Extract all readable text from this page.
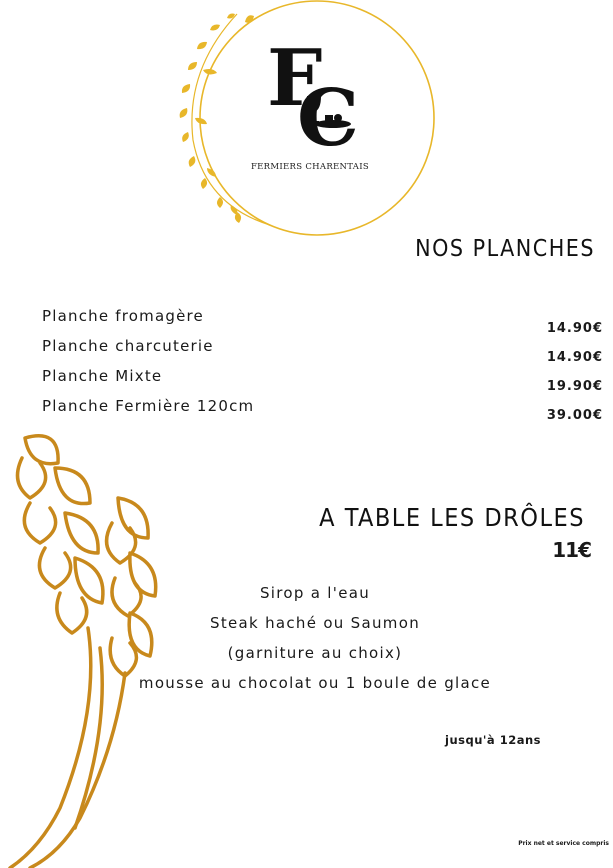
F
C
FERMIERS CHARENTAIS
NOS PLANCHES
Planche fromagère
Planche charcuterie
Planche Mixte
Planche Fermière 120cm
14.90€
14.90€
19.90€
39.00€
A TABLE LES DRÔLES
11€
Sirop a l'eau
Steak haché ou Saumon
(garniture au choix)
mousse au chocolat ou 1 boule de glace
jusqu'à 12ans
Prix net et service compris
